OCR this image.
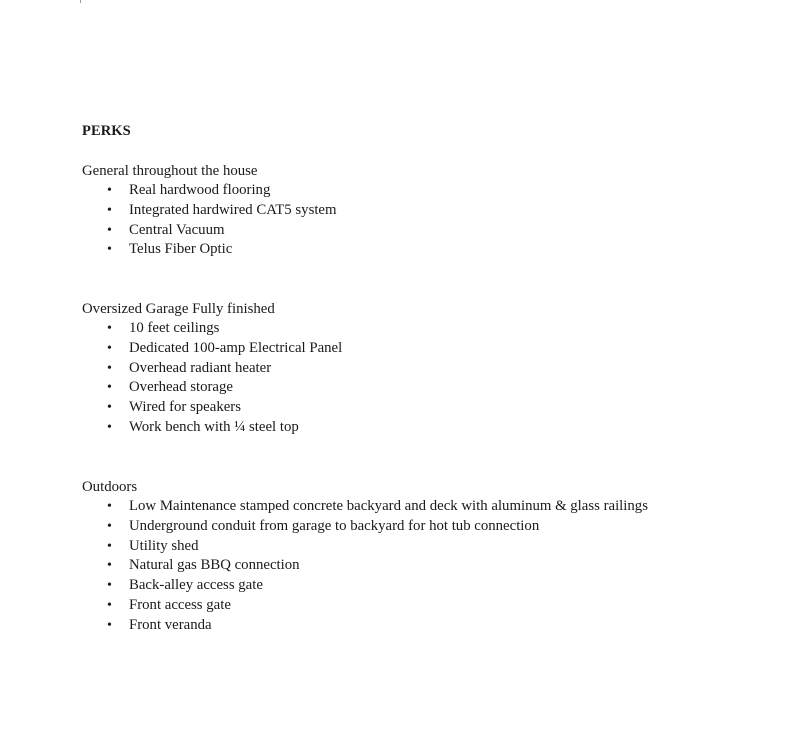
PERKS

General throughout the house

• Real hardwood flooring
• Integrated hardwired CAT5 system
• Central Vacuum
• Telus Fiber Optic

Oversized Garage Fully finished

• 10 feet ceilings
• Dedicated 100-amp Electrical Panel
• Overhead radiant heater
• Overhead storage
• Wired for speakers
• Work bench with ¼ steel top

Outdoors

• Low Maintenance stamped concrete backyard and deck with aluminum & glass railings
• Underground conduit from garage to backyard for hot tub connection
• Utility shed
• Natural gas BBQ connection
• Back-alley access gate
• Front access gate
• Front veranda
